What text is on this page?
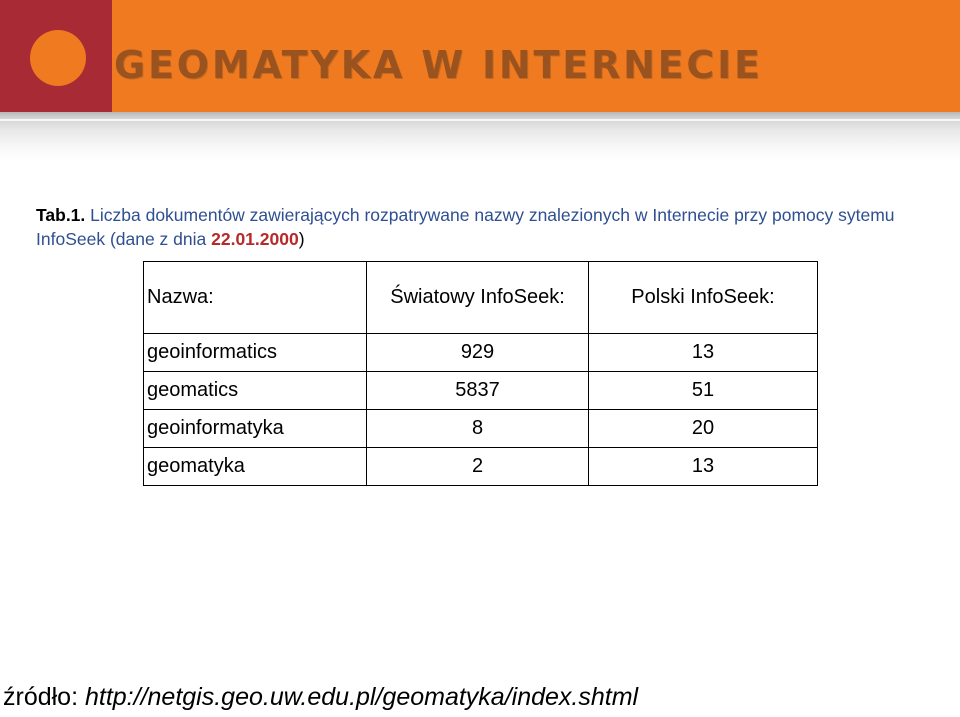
GEOMATYKA W INTERNECIE
Tab.1. Liczba dokumentów zawierających rozpatrywane nazwy znalezionych w Internecie przy pomocy sytemu InfoSeek (dane z dnia 22.01.2000)
Nazwa:	Światowy InfoSeek:	Polski InfoSeek:
geoinformatics	929	13
geomatics	5837	51
geoinformatyka	8	20
geomatyka	2	13
źródło: http://netgis.geo.uw.edu.pl/geomatyka/index.shtml
